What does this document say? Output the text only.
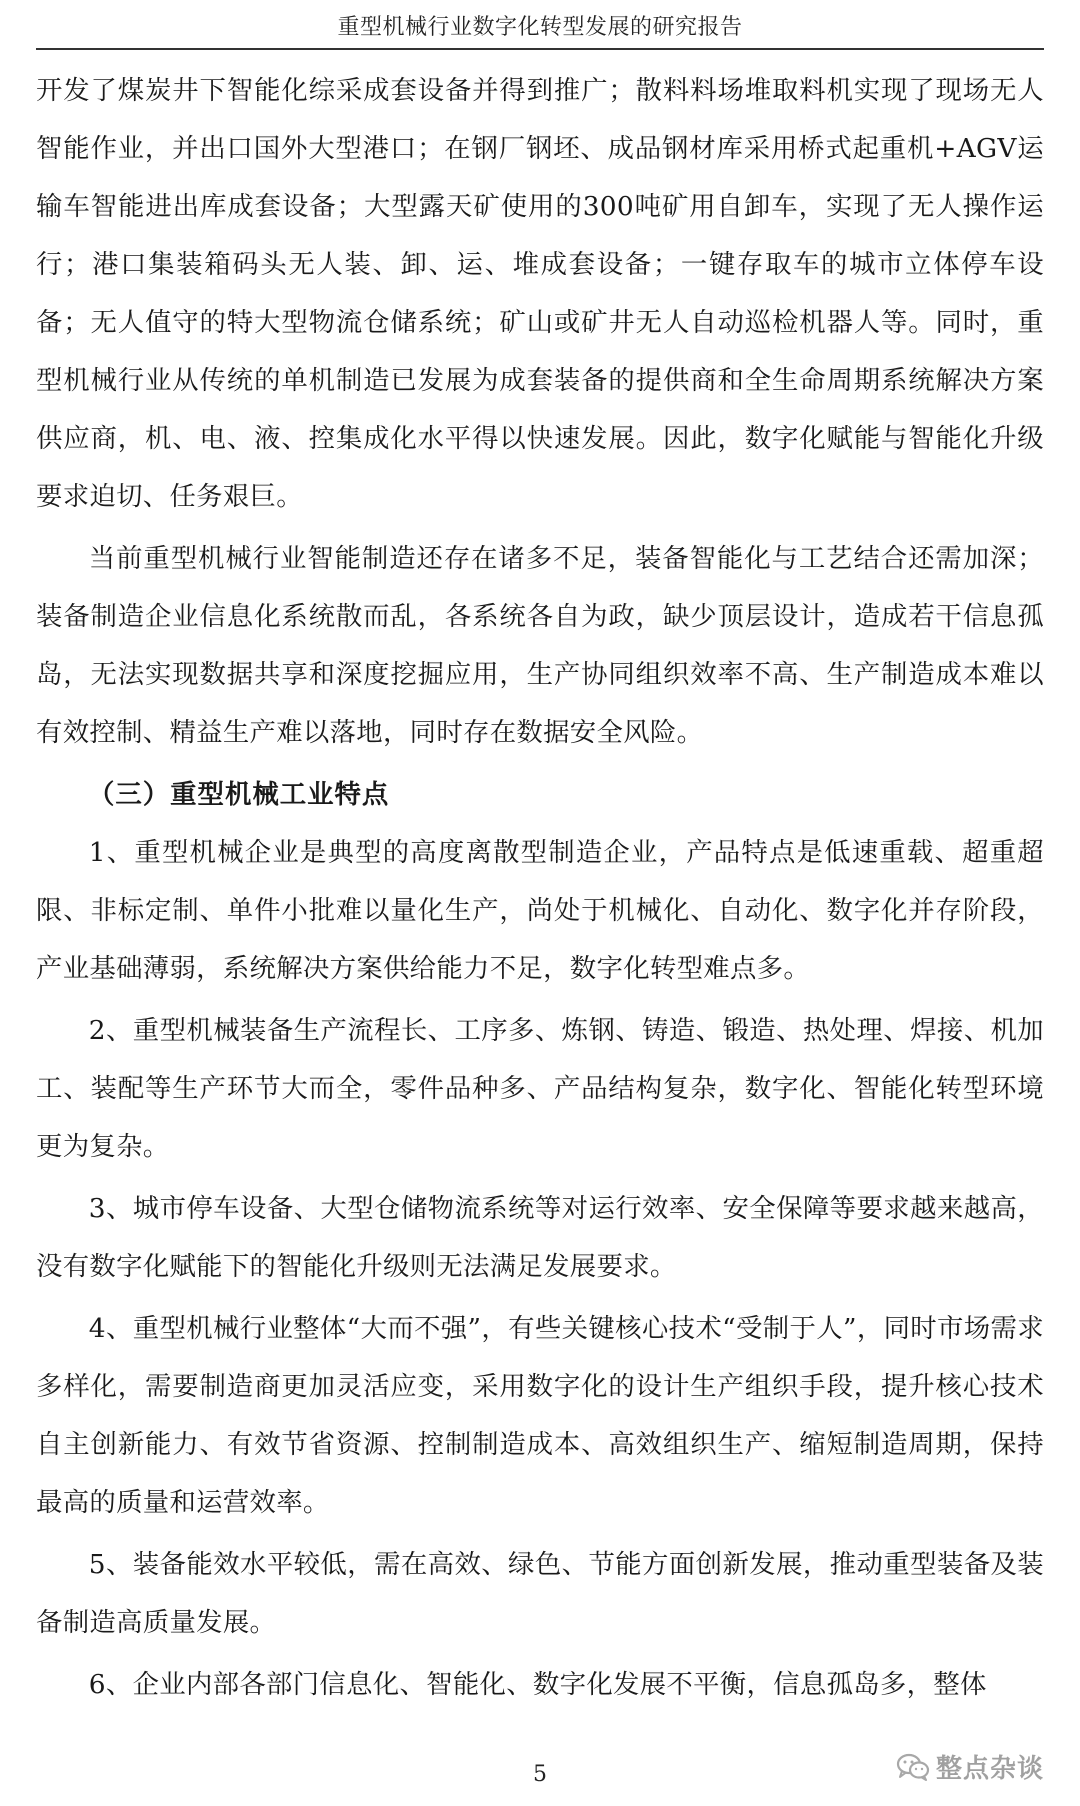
重型机械行业数字化转型发展的研究报告

开发了煤炭井下智能化综采成套设备并得到推广；散料料场堆取料机实现了现场无人智能作业，并出口国外大型港口；在钢厂钢坯、成品钢材库采用桥式起重机+AGV运输车智能进出库成套设备；大型露天矿使用的300吨矿用自卸车，实现了无人操作运行；港口集装箱码头无人装、卸、运、堆成套设备；一键存取车的城市立体停车设备；无人值守的特大型物流仓储系统；矿山或矿井无人自动巡检机器人等。同时，重型机械行业从传统的单机制造已发展为成套装备的提供商和全生命周期系统解决方案供应商，机、电、液、控集成化水平得以快速发展。因此，数字化赋能与智能化升级要求迫切、任务艰巨。

当前重型机械行业智能制造还存在诸多不足，装备智能化与工艺结合还需加深；装备制造企业信息化系统散而乱，各系统各自为政，缺少顶层设计，造成若干信息孤岛，无法实现数据共享和深度挖掘应用，生产协同组织效率不高、生产制造成本难以有效控制、精益生产难以落地，同时存在数据安全风险。

（三）重型机械工业特点

1、重型机械企业是典型的高度离散型制造企业，产品特点是低速重载、超重超限、非标定制、单件小批难以量化生产，尚处于机械化、自动化、数字化并存阶段，产业基础薄弱，系统解决方案供给能力不足，数字化转型难点多。

2、重型机械装备生产流程长、工序多、炼钢、铸造、锻造、热处理、焊接、机加工、装配等生产环节大而全，零件品种多、产品结构复杂，数字化、智能化转型环境更为复杂。

3、城市停车设备、大型仓储物流系统等对运行效率、安全保障等要求越来越高，没有数字化赋能下的智能化升级则无法满足发展要求。

4、重型机械行业整体“大而不强”，有些关键核心技术“受制于人”，同时市场需求多样化，需要制造商更加灵活应变，采用数字化的设计生产组织手段，提升核心技术自主创新能力、有效节省资源、控制制造成本、高效组织生产、缩短制造周期，保持最高的质量和运营效率。

5、装备能效水平较低，需在高效、绿色、节能方面创新发展，推动重型装备及装备制造高质量发展。

6、企业内部各部门信息化、智能化、数字化发展不平衡，信息孤岛多，整体

5	整点杂谈
